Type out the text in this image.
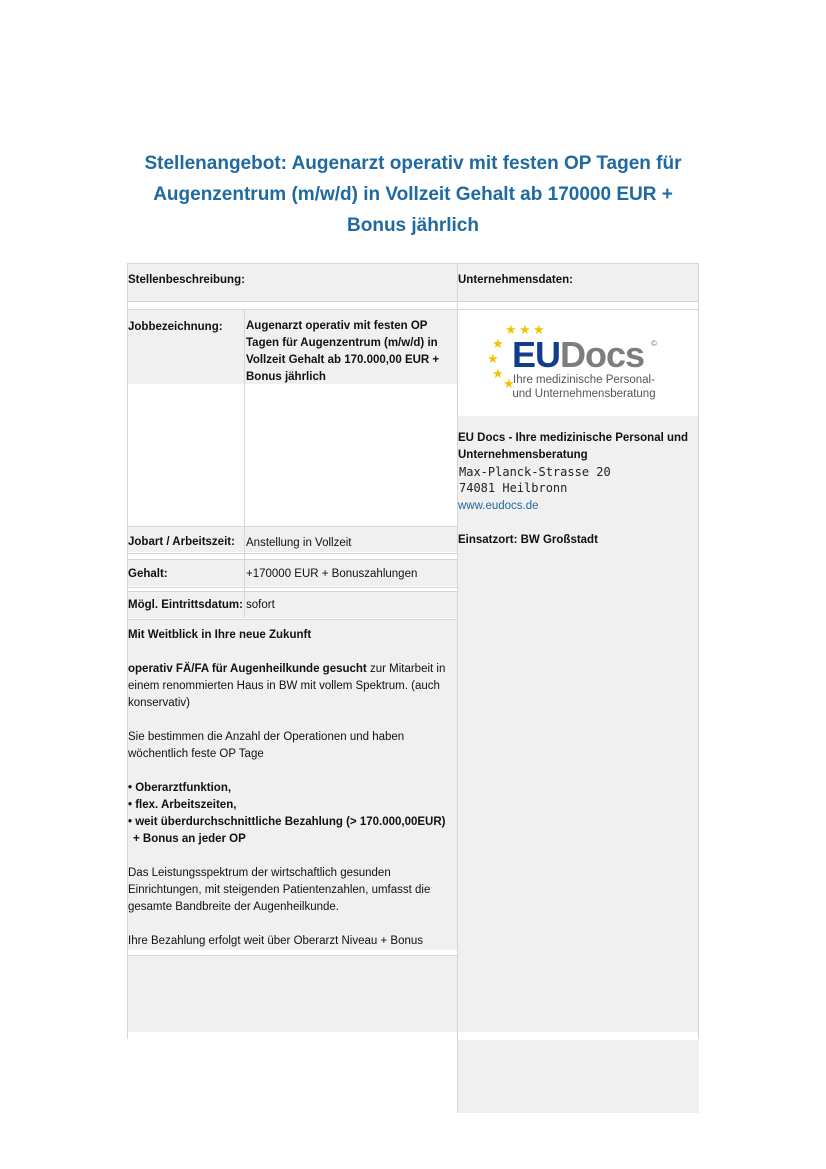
Stellenangebot: Augenarzt operativ mit festen OP Tagen für Augenzentrum (m/w/d) in Vollzeit Gehalt ab 170000 EUR + Bonus jährlich
Stellenbeschreibung:	Unternehmensdaten:
Jobbezeichnung: Augenarzt operativ mit festen OP Tagen für Augenzentrum (m/w/d) in Vollzeit Gehalt ab 170.000,00 EUR + Bonus jährlich
Jobart / Arbeitszeit: Anstellung in Vollzeit
Gehalt:	+170000 EUR + Bonuszahlungen
Mögl. Eintrittsdatum: sofort

Mit Weitblick in Ihre neue Zukunft

operativ FÄ/FA für Augenheilkunde gesucht zur Mitarbeit in einem renommierten Haus in BW mit vollem Spektrum. (auch konservativ)

Sie bestimmen die Anzahl der Operationen und haben wöchentlich feste OP Tage

• Oberarztfunktion,
• flex. Arbeitszeiten,
• weit überdurchschnittliche Bezahlung (> 170.000,00EUR)
+ Bonus an jeder OP

Das Leistungsspektrum der wirtschaftlich gesunden Einrichtungen, mit steigenden Patientenzahlen, umfasst die gesamte Bandbreite der Augenheilkunde.

Ihre Bezahlung erfolgt weit über Oberarzt Niveau + Bonus

★ ★ ★
★
★
★
★
EUDocs ©
Ihre medizinische Personal-
und Unternehmensberatung
EU Docs - Ihre medizinische Personal und Unternehmensberatung
Max-Planck-Strasse 20
74081 Heilbronn
www.eudocs.de
Einsatzort: BW Großstadt
